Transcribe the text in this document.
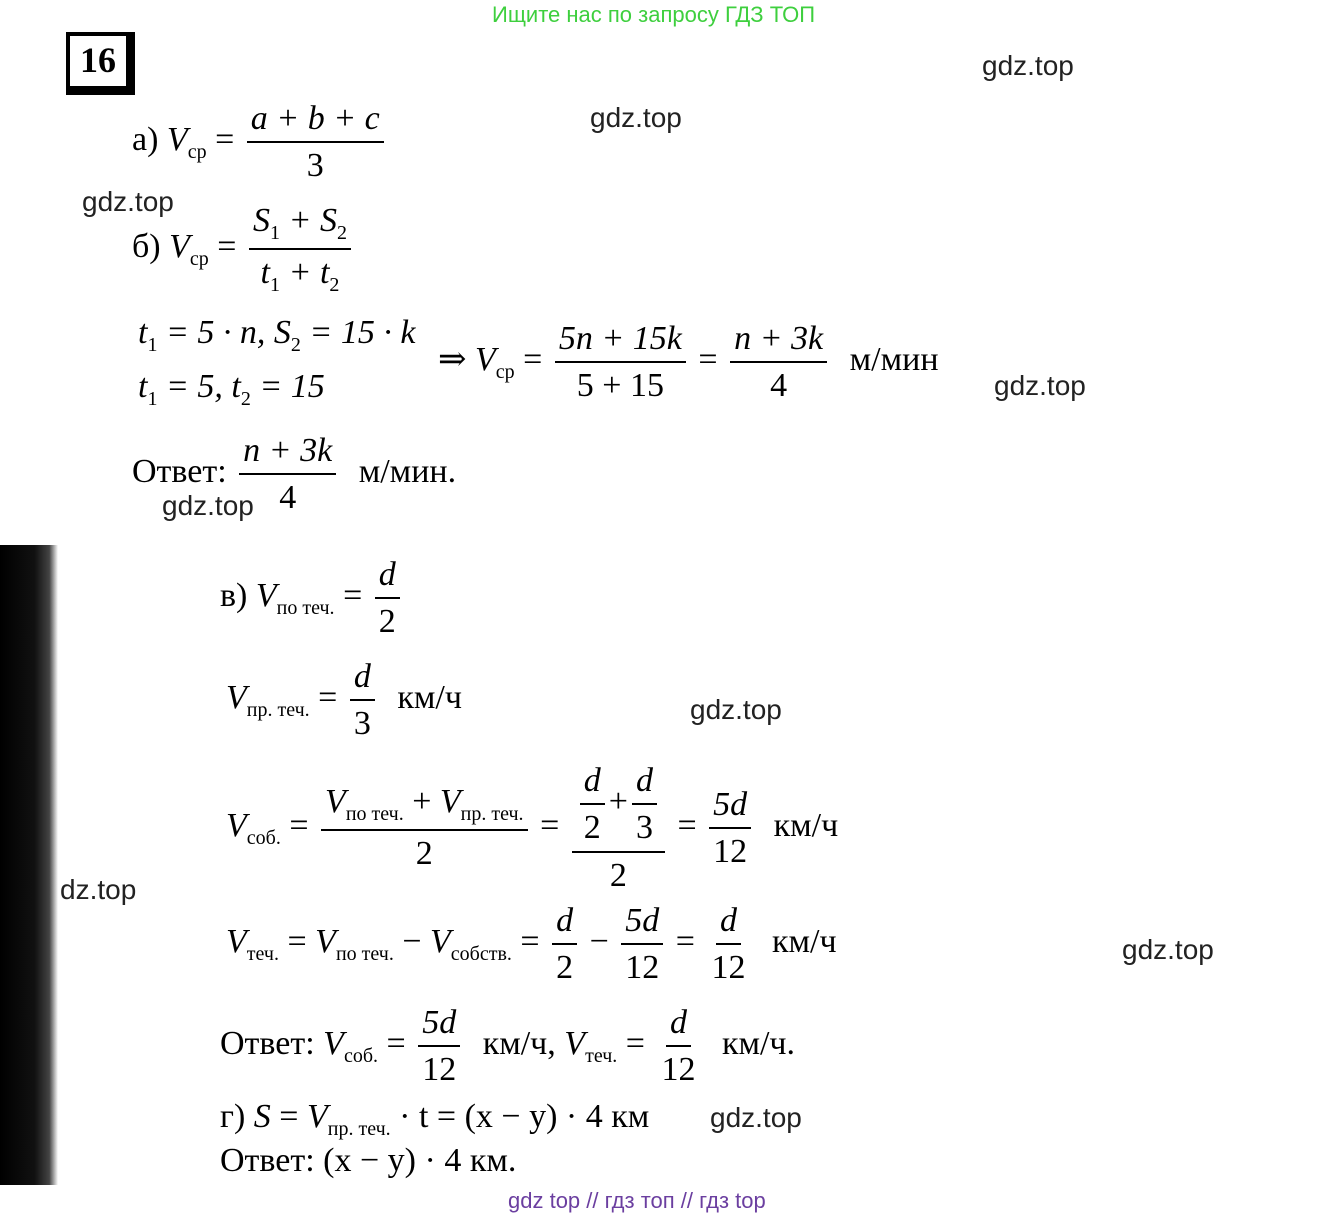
Ищите нас по запросу ГДЗ ТОП
16	gdz.top
gdz.top
gdz.top
gdz.top
gdz.top
gdz.top
gdz.top
gdz.top
dz.top
а) $V_{ср} = \frac{a + b + c}{3}$
б) $V_{ср} = \frac{S_1 + S_2}{t_1 + t_2}$
$t_1 = 5 \cdot n$, $S_2 = 15 \cdot k$
$t_1 = 5$, $t_2 = 15$
⇒ $V_{ср} = \frac{5n + 15k}{5 + 15} = \frac{n + 3k}{4} м/мин$
Ответ: $\frac{n + 3k}{4} м/мин$.
в) $V_{по теч.} = \frac{d}{2}$
$V_{пр. теч.} = \frac{d}{3} км/ч$
$V_{соб.} = \frac{V_{по теч.} + V_{пр. теч.}}{2} = \frac{\frac{d}{2} + \frac{d}{3}}{2} = \frac{5d}{12} км/ч$
$V_{теч.} = V_{по теч.} - V_{собств.} = \frac{d}{2} - \frac{5d}{12} = \frac{d}{12} км/ч$
Ответ: $V_{соб.} = \frac{5d}{12} км/ч$, $V_{теч.} = \frac{d}{12} км/ч$.
г) $S = V_{пр. теч.} \cdot t = (x - y) \cdot 4$ км
Ответ: (x − y) · 4 км.
gdz top // гдз топ // гдз top
